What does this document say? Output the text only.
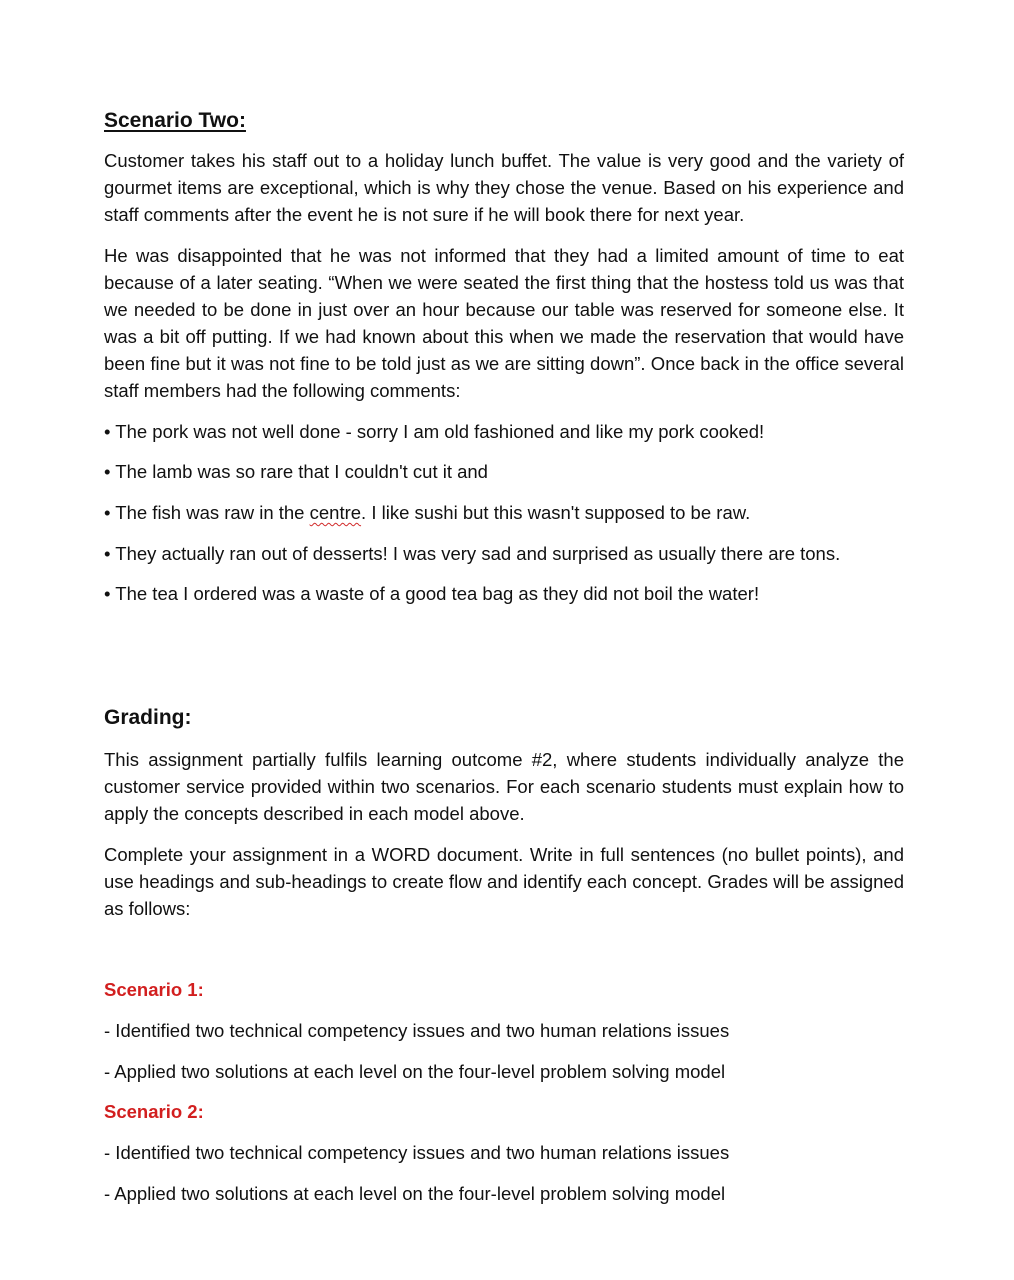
Scenario Two:

Customer takes his staff out to a holiday lunch buffet. The value is very good and the variety of gourmet items are exceptional, which is why they chose the venue. Based on his experience and staff comments after the event he is not sure if he will book there for next year.

He was disappointed that he was not informed that they had a limited amount of time to eat because of a later seating. “When we were seated the first thing that the hostess told us was that we needed to be done in just over an hour because our table was reserved for someone else. It was a bit off putting. If we had known about this when we made the reservation that would have been fine but it was not fine to be told just as we are sitting down”. Once back in the office several staff members had the following comments:

• The pork was not well done - sorry I am old fashioned and like my pork cooked!
• The lamb was so rare that I couldn't cut it and
• The fish was raw in the centre. I like sushi but this wasn't supposed to be raw.
• They actually ran out of desserts! I was very sad and surprised as usually there are tons.
• The tea I ordered was a waste of a good tea bag as they did not boil the water!
Grading:

This assignment partially fulfils learning outcome #2, where students individually analyze the customer service provided within two scenarios. For each scenario students must explain how to apply the concepts described in each model above.

Complete your assignment in a WORD document. Write in full sentences (no bullet points), and use headings and sub-headings to create flow and identify each concept. Grades will be assigned as follows:

Scenario 1:
- Identified two technical competency issues and two human relations issues
- Applied two solutions at each level on the four-level problem solving model
Scenario 2:
- Identified two technical competency issues and two human relations issues
- Applied two solutions at each level on the four-level problem solving model
